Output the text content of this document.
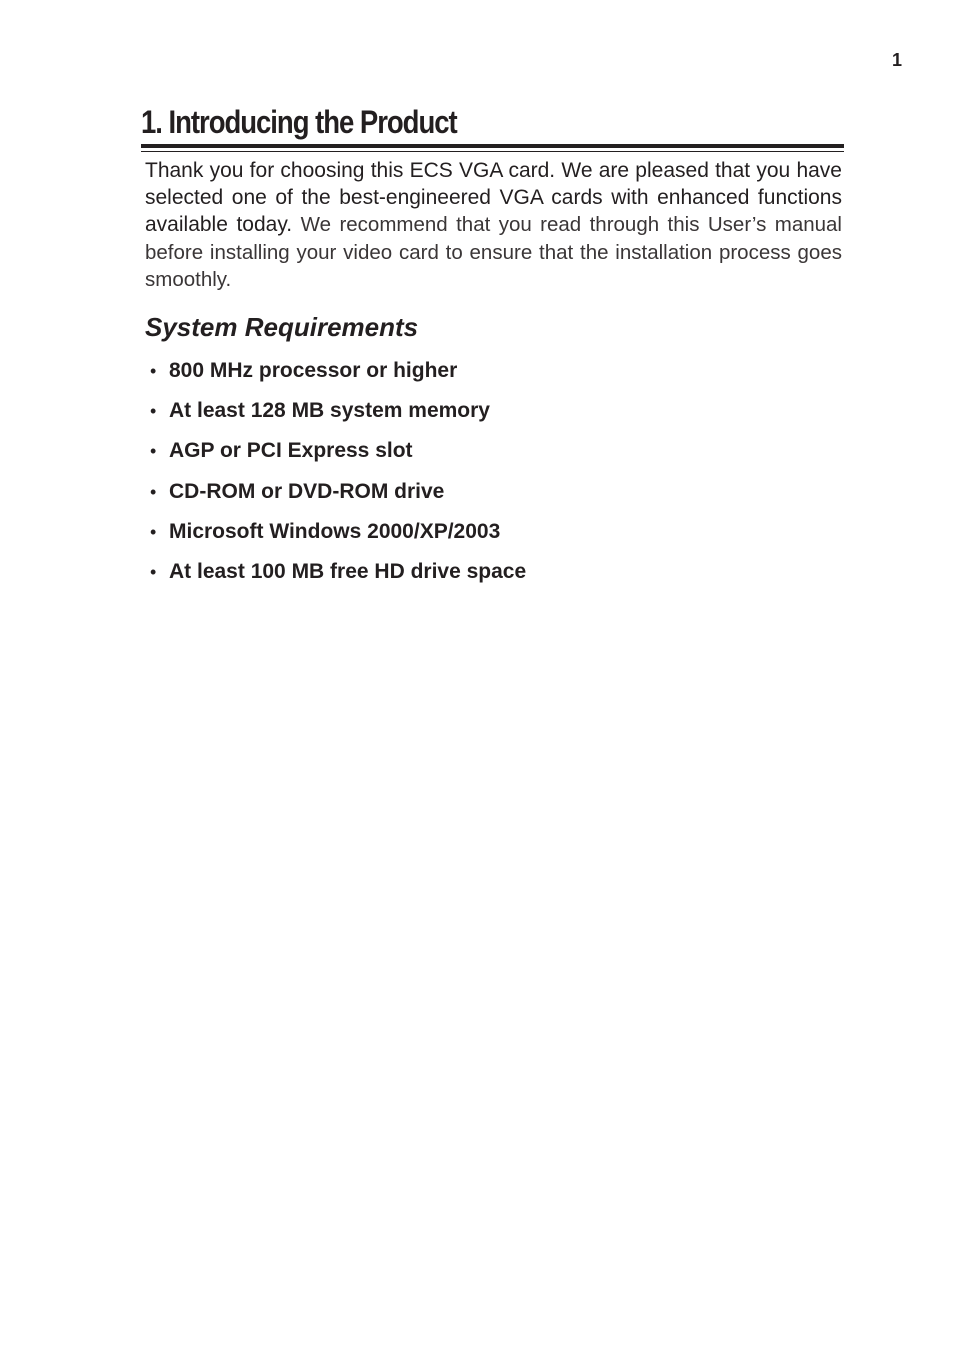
1
1. Introducing the Product

Thank you for choosing this ECS VGA card. We are pleased that you have selected one of the best-engineered VGA cards with enhanced functions available today. We recommend that you read through this User’s manual before installing your video card to ensure that the installation process goes smoothly.

System Requirements
• 800 MHz processor or higher
• At least 128 MB system memory
• AGP or PCI Express slot
• CD-ROM or DVD-ROM drive
• Microsoft Windows 2000/XP/2003
• At least 100 MB free HD drive space
